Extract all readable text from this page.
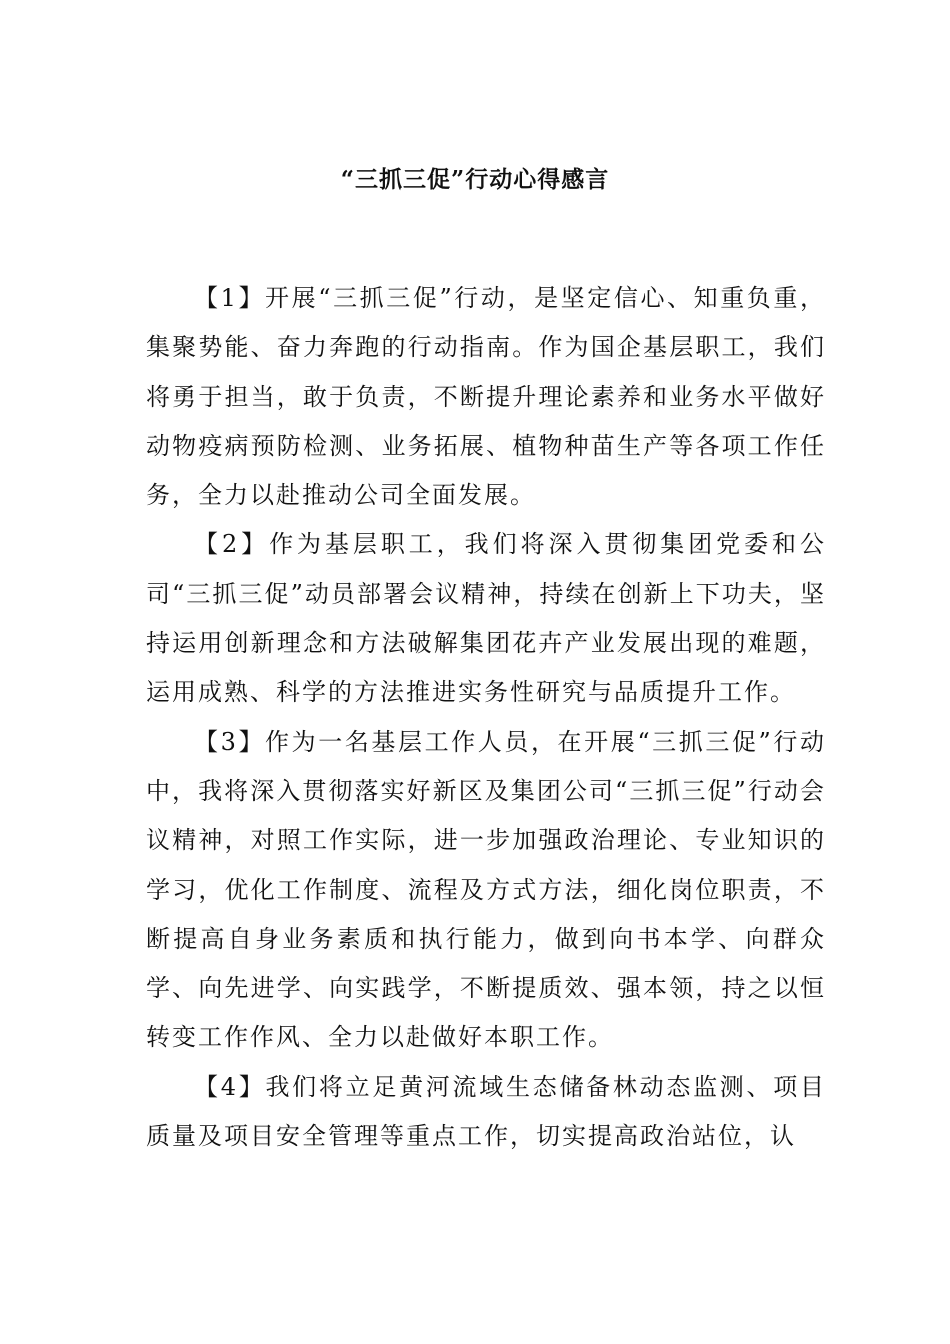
“三抓三促”行动心得感言

【1】开展“三抓三促”行动，是坚定信心、知重负重，集聚势能、奋力奔跑的行动指南。作为国企基层职工，我们将勇于担当，敢于负责，不断提升理论素养和业务水平做好动物疫病预防检测、业务拓展、植物种苗生产等各项工作任务，全力以赴推动公司全面发展。

【2】作为基层职工，我们将深入贯彻集团党委和公司“三抓三促”动员部署会议精神，持续在创新上下功夫，坚持运用创新理念和方法破解集团花卉产业发展出现的难题，运用成熟、科学的方法推进实务性研究与品质提升工作。

【3】作为一名基层工作人员，在开展“三抓三促”行动中，我将深入贯彻落实好新区及集团公司“三抓三促”行动会议精神，对照工作实际，进一步加强政治理论、专业知识的学习，优化工作制度、流程及方式方法，细化岗位职责，不断提高自身业务素质和执行能力，做到向书本学、向群众学、向先进学、向实践学，不断提质效、强本领，持之以恒转变工作作风、全力以赴做好本职工作。

【4】我们将立足黄河流域生态储备林动态监测、项目质量及项目安全管理等重点工作，切实提高政治站位，认
